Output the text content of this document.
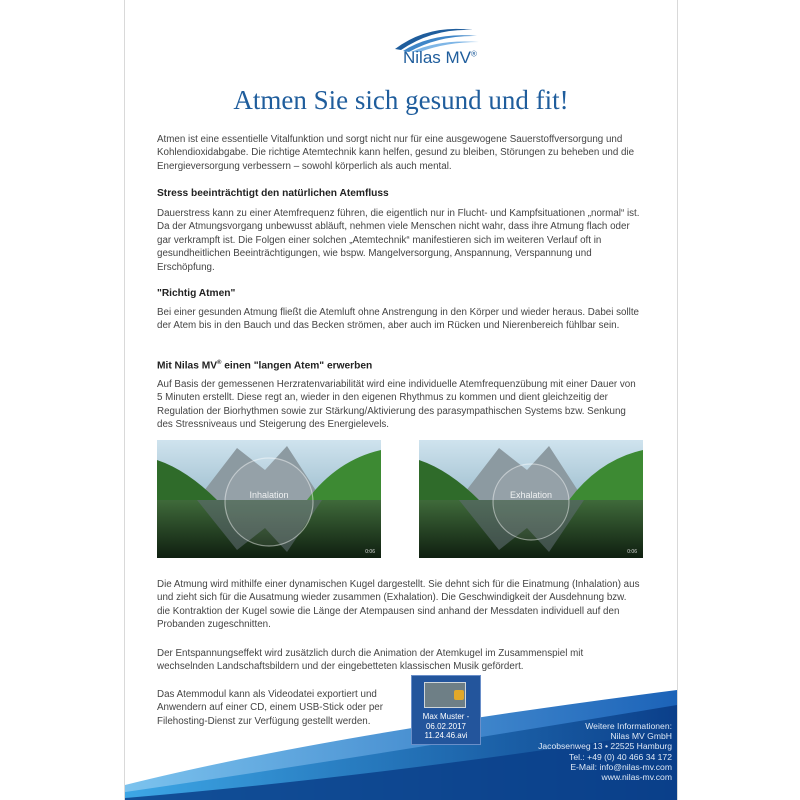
Nilas MV®
Atmen Sie sich gesund und fit!

Atmen ist eine essentielle Vitalfunktion und sorgt nicht nur für eine ausgewogene Sauerstoffversorgung und Kohlendioxidabgabe. Die richtige Atemtechnik kann helfen, gesund zu bleiben, Störungen zu beheben und die Energieversorgung verbessern – sowohl körperlich als auch mental.

Stress beeinträchtigt den natürlichen Atemfluss

Dauerstress kann zu einer Atemfrequenz führen, die eigentlich nur in Flucht- und Kampfsituationen „normal“ ist. Da der Atmungsvorgang unbewusst abläuft, nehmen viele Menschen nicht wahr, dass ihre Atmung flach oder gar verkrampft ist. Die Folgen einer solchen „Atemtechnik“ manifestieren sich im weiteren Verlauf oft in gesundheitlichen Beeinträchtigungen, wie bspw. Mangelversorgung, Anspannung, Verspannung und Erschöpfung.

"Richtig Atmen"

Bei einer gesunden Atmung fließt die Atemluft ohne Anstrengung in den Körper und wieder heraus. Dabei sollte der Atem bis in den Bauch und das Becken strömen, aber auch im Rücken und Nierenbereich fühlbar sein.

Mit Nilas MV® einen "langen Atem" erwerben

Auf Basis der gemessenen Herzratenvariabilität wird eine individuelle Atemfrequenzübung mit einer Dauer von 5 Minuten erstellt. Diese regt an, wieder in den eigenen Rhythmus zu kommen und dient gleichzeitig der Regulation der Biorhythmen sowie zur Stärkung/Aktivierung des parasympathischen Systems bzw. Senkung des Stressniveaus und Steigerung des Energielevels.

Inhalation
0:06
Exhalation
0:06

Die Atmung wird mithilfe einer dynamischen Kugel dargestellt. Sie dehnt sich für die Einatmung (Inhalation) aus und zieht sich für die Ausatmung wieder zusammen (Exhalation). Die Geschwindigkeit der Ausdehnung bzw. die Kontraktion der Kugel sowie die Länge der Atempausen sind anhand der Messdaten individuell auf den Probanden zugeschnitten.

Der Entspannungseffekt wird zusätzlich durch die Animation der Atemkugel im Zusammenspiel mit wechselnden Landschaftsbildern und der eingebetteten klassischen Musik gefördert.

Das Atemmodul kann als Videodatei exportiert und Anwendern auf einer CD, einem USB-Stick oder per Filehosting-Dienst zur Verfügung gestellt werden.	Max Muster -
06.02.2017
11.24.46.avi
Weitere Informationen:
Nilas MV GmbH
Jacobsenweg 13 • 22525 Hamburg
Tel.: +49 (0) 40 466 34 172
E-Mail: info@nilas-mv.com
www.nilas-mv.com
